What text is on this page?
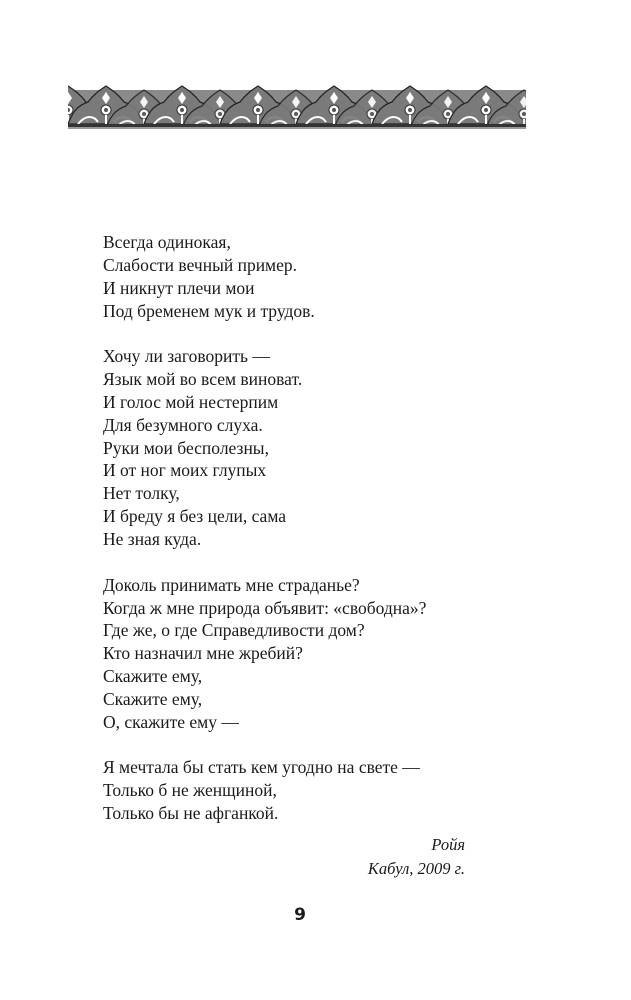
Всегда одинокая,
Слабости вечный пример.
И никнут плечи мои
Под бременем мук и трудов.
Хочу ли заговорить —
Язык мой во всем виноват.
И голос мой нестерпим
Для безумного слуха.
Руки мои бесполезны,
И от ног моих глупых
Нет толку,
И бреду я без цели, сама
Не зная куда.
Доколь принимать мне страданье?
Когда ж мне природа объявит: «свободна»?
Где же, о где Справедливости дом?
Кто назначил мне жребий?
Скажите ему,
Скажите ему,
О, скажите ему —
Я мечтала бы стать кем угодно на свете —
Только б не женщиной,
Только бы не афганкой.
Ройя
Кабул, 2009 г.
9
